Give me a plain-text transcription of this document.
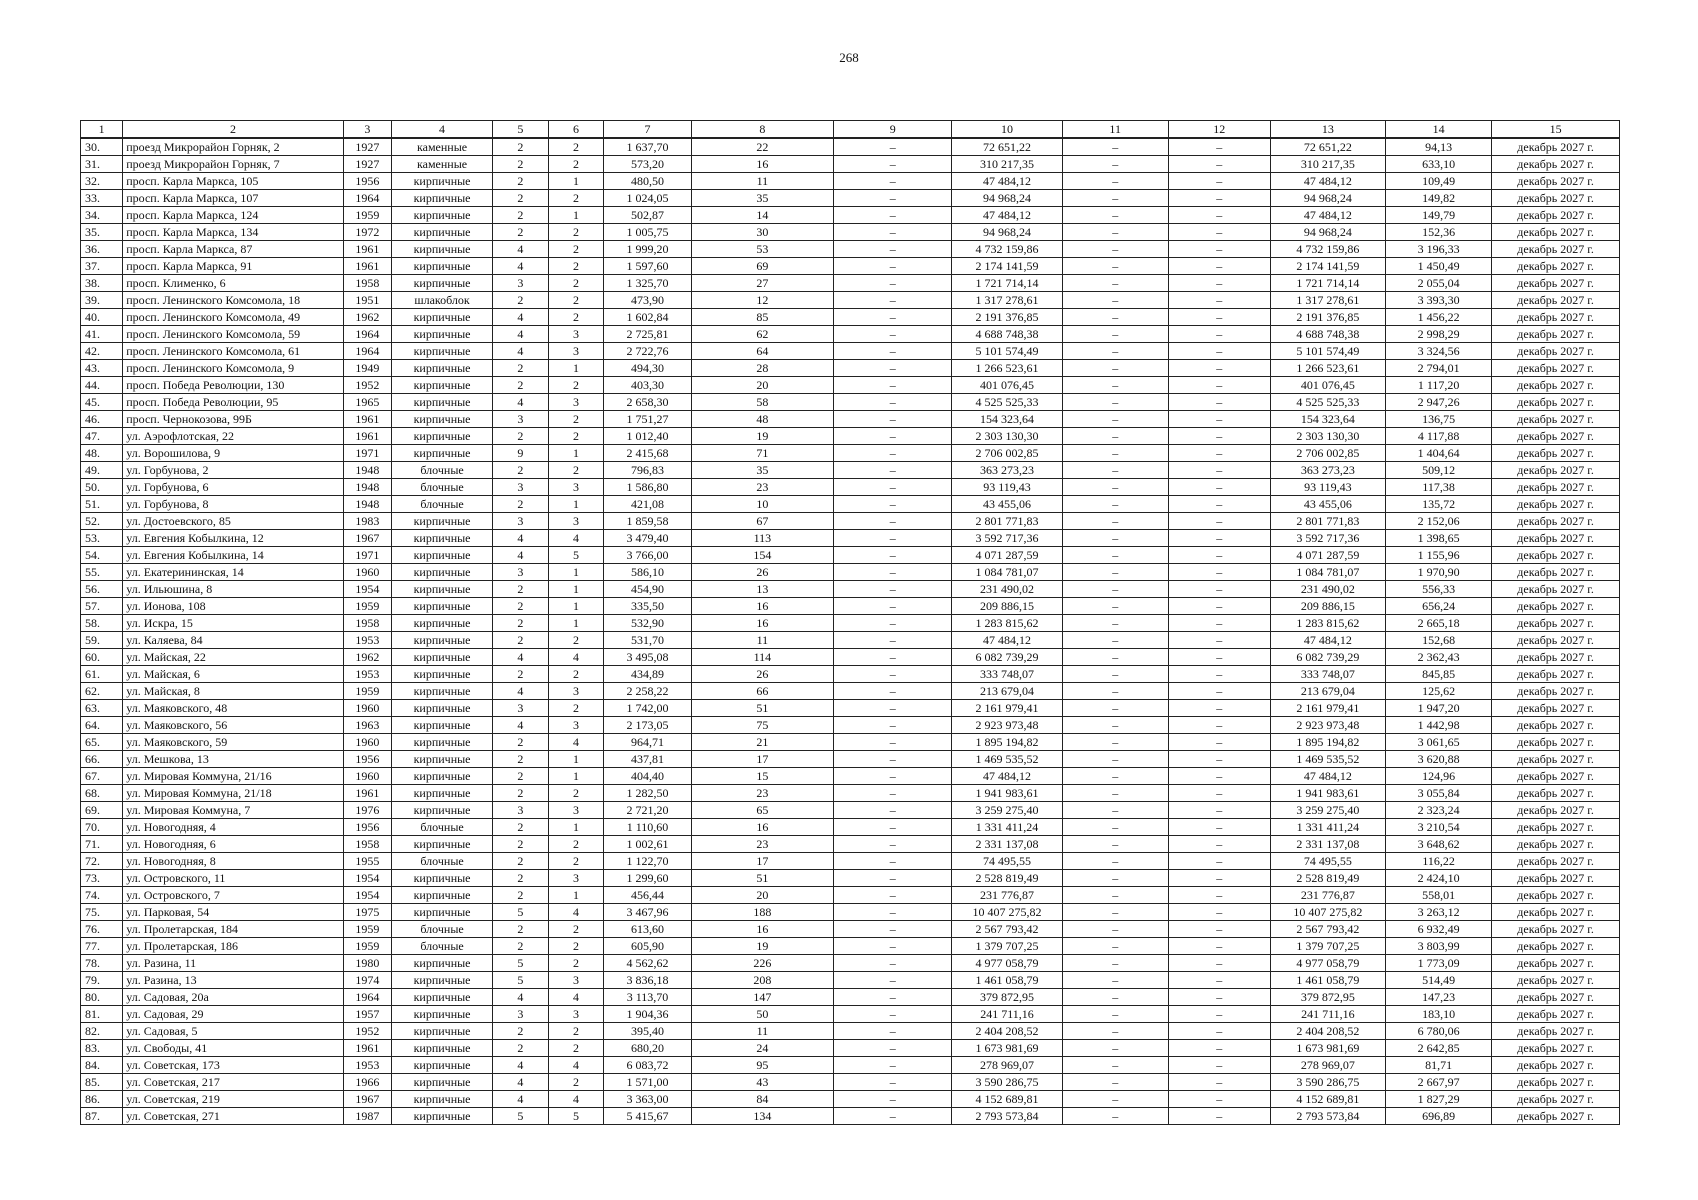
268
1	2	3	4	5	6	7	8	9	10	11	12	13	14	15
30.	проезд Микрорайон Горняк, 2	1927	каменные	2	2	1 637,70	22	–	72 651,22	–	–	72 651,22	94,13	декабрь 2027 г.
31.	проезд Микрорайон Горняк, 7	1927	каменные	2	2	573,20	16	–	310 217,35	–	–	310 217,35	633,10	декабрь 2027 г.
32.	просп. Карла Маркса, 105	1956	кирпичные	2	1	480,50	11	–	47 484,12	–	–	47 484,12	109,49	декабрь 2027 г.
33.	просп. Карла Маркса, 107	1964	кирпичные	2	2	1 024,05	35	–	94 968,24	–	–	94 968,24	149,82	декабрь 2027 г.
34.	просп. Карла Маркса, 124	1959	кирпичные	2	1	502,87	14	–	47 484,12	–	–	47 484,12	149,79	декабрь 2027 г.
35.	просп. Карла Маркса, 134	1972	кирпичные	2	2	1 005,75	30	–	94 968,24	–	–	94 968,24	152,36	декабрь 2027 г.
36.	просп. Карла Маркса, 87	1961	кирпичные	4	2	1 999,20	53	–	4 732 159,86	–	–	4 732 159,86	3 196,33	декабрь 2027 г.
37.	просп. Карла Маркса, 91	1961	кирпичные	4	2	1 597,60	69	–	2 174 141,59	–	–	2 174 141,59	1 450,49	декабрь 2027 г.
38.	просп. Клименко, 6	1958	кирпичные	3	2	1 325,70	27	–	1 721 714,14	–	–	1 721 714,14	2 055,04	декабрь 2027 г.
39.	просп. Ленинского Комсомола, 18	1951	шлакоблок	2	2	473,90	12	–	1 317 278,61	–	–	1 317 278,61	3 393,30	декабрь 2027 г.
40.	просп. Ленинского Комсомола, 49	1962	кирпичные	4	2	1 602,84	85	–	2 191 376,85	–	–	2 191 376,85	1 456,22	декабрь 2027 г.
41.	просп. Ленинского Комсомола, 59	1964	кирпичные	4	3	2 725,81	62	–	4 688 748,38	–	–	4 688 748,38	2 998,29	декабрь 2027 г.
42.	просп. Ленинского Комсомола, 61	1964	кирпичные	4	3	2 722,76	64	–	5 101 574,49	–	–	5 101 574,49	3 324,56	декабрь 2027 г.
43.	просп. Ленинского Комсомола, 9	1949	кирпичные	2	1	494,30	28	–	1 266 523,61	–	–	1 266 523,61	2 794,01	декабрь 2027 г.
44.	просп. Победа Революции, 130	1952	кирпичные	2	2	403,30	20	–	401 076,45	–	–	401 076,45	1 117,20	декабрь 2027 г.
45.	просп. Победа Революции, 95	1965	кирпичные	4	3	2 658,30	58	–	4 525 525,33	–	–	4 525 525,33	2 947,26	декабрь 2027 г.
46.	просп. Чернокозова, 99Б	1961	кирпичные	3	2	1 751,27	48	–	154 323,64	–	–	154 323,64	136,75	декабрь 2027 г.
47.	ул. Аэрофлотская, 22	1961	кирпичные	2	2	1 012,40	19	–	2 303 130,30	–	–	2 303 130,30	4 117,88	декабрь 2027 г.
48.	ул. Ворошилова, 9	1971	кирпичные	9	1	2 415,68	71	–	2 706 002,85	–	–	2 706 002,85	1 404,64	декабрь 2027 г.
49.	ул. Горбунова, 2	1948	блочные	2	2	796,83	35	–	363 273,23	–	–	363 273,23	509,12	декабрь 2027 г.
50.	ул. Горбунова, 6	1948	блочные	3	3	1 586,80	23	–	93 119,43	–	–	93 119,43	117,38	декабрь 2027 г.
51.	ул. Горбунова, 8	1948	блочные	2	1	421,08	10	–	43 455,06	–	–	43 455,06	135,72	декабрь 2027 г.
52.	ул. Достоевского, 85	1983	кирпичные	3	3	1 859,58	67	–	2 801 771,83	–	–	2 801 771,83	2 152,06	декабрь 2027 г.
53.	ул. Евгения Кобылкина, 12	1967	кирпичные	4	4	3 479,40	113	–	3 592 717,36	–	–	3 592 717,36	1 398,65	декабрь 2027 г.
54.	ул. Евгения Кобылкина, 14	1971	кирпичные	4	5	3 766,00	154	–	4 071 287,59	–	–	4 071 287,59	1 155,96	декабрь 2027 г.
55.	ул. Екатерининская, 14	1960	кирпичные	3	1	586,10	26	–	1 084 781,07	–	–	1 084 781,07	1 970,90	декабрь 2027 г.
56.	ул. Ильюшина, 8	1954	кирпичные	2	1	454,90	13	–	231 490,02	–	–	231 490,02	556,33	декабрь 2027 г.
57.	ул. Ионова, 108	1959	кирпичные	2	1	335,50	16	–	209 886,15	–	–	209 886,15	656,24	декабрь 2027 г.
58.	ул. Искра, 15	1958	кирпичные	2	1	532,90	16	–	1 283 815,62	–	–	1 283 815,62	2 665,18	декабрь 2027 г.
59.	ул. Каляева, 84	1953	кирпичные	2	2	531,70	11	–	47 484,12	–	–	47 484,12	152,68	декабрь 2027 г.
60.	ул. Майская, 22	1962	кирпичные	4	4	3 495,08	114	–	6 082 739,29	–	–	6 082 739,29	2 362,43	декабрь 2027 г.
61.	ул. Майская, 6	1953	кирпичные	2	2	434,89	26	–	333 748,07	–	–	333 748,07	845,85	декабрь 2027 г.
62.	ул. Майская, 8	1959	кирпичные	4	3	2 258,22	66	–	213 679,04	–	–	213 679,04	125,62	декабрь 2027 г.
63.	ул. Маяковского, 48	1960	кирпичные	3	2	1 742,00	51	–	2 161 979,41	–	–	2 161 979,41	1 947,20	декабрь 2027 г.
64.	ул. Маяковского, 56	1963	кирпичные	4	3	2 173,05	75	–	2 923 973,48	–	–	2 923 973,48	1 442,98	декабрь 2027 г.
65.	ул. Маяковского, 59	1960	кирпичные	2	4	964,71	21	–	1 895 194,82	–	–	1 895 194,82	3 061,65	декабрь 2027 г.
66.	ул. Мешкова, 13	1956	кирпичные	2	1	437,81	17	–	1 469 535,52	–	–	1 469 535,52	3 620,88	декабрь 2027 г.
67.	ул. Мировая Коммуна, 21/16	1960	кирпичные	2	1	404,40	15	–	47 484,12	–	–	47 484,12	124,96	декабрь 2027 г.
68.	ул. Мировая Коммуна, 21/18	1961	кирпичные	2	2	1 282,50	23	–	1 941 983,61	–	–	1 941 983,61	3 055,84	декабрь 2027 г.
69.	ул. Мировая Коммуна, 7	1976	кирпичные	3	3	2 721,20	65	–	3 259 275,40	–	–	3 259 275,40	2 323,24	декабрь 2027 г.
70.	ул. Новогодняя, 4	1956	блочные	2	1	1 110,60	16	–	1 331 411,24	–	–	1 331 411,24	3 210,54	декабрь 2027 г.
71.	ул. Новогодняя, 6	1958	кирпичные	2	2	1 002,61	23	–	2 331 137,08	–	–	2 331 137,08	3 648,62	декабрь 2027 г.
72.	ул. Новогодняя, 8	1955	блочные	2	2	1 122,70	17	–	74 495,55	–	–	74 495,55	116,22	декабрь 2027 г.
73.	ул. Островского, 11	1954	кирпичные	2	3	1 299,60	51	–	2 528 819,49	–	–	2 528 819,49	2 424,10	декабрь 2027 г.
74.	ул. Островского, 7	1954	кирпичные	2	1	456,44	20	–	231 776,87	–	–	231 776,87	558,01	декабрь 2027 г.
75.	ул. Парковая, 54	1975	кирпичные	5	4	3 467,96	188	–	10 407 275,82	–	–	10 407 275,82	3 263,12	декабрь 2027 г.
76.	ул. Пролетарская, 184	1959	блочные	2	2	613,60	16	–	2 567 793,42	–	–	2 567 793,42	6 932,49	декабрь 2027 г.
77.	ул. Пролетарская, 186	1959	блочные	2	2	605,90	19	–	1 379 707,25	–	–	1 379 707,25	3 803,99	декабрь 2027 г.
78.	ул. Разина, 11	1980	кирпичные	5	2	4 562,62	226	–	4 977 058,79	–	–	4 977 058,79	1 773,09	декабрь 2027 г.
79.	ул. Разина, 13	1974	кирпичные	5	3	3 836,18	208	–	1 461 058,79	–	–	1 461 058,79	514,49	декабрь 2027 г.
80.	ул. Садовая, 20а	1964	кирпичные	4	4	3 113,70	147	–	379 872,95	–	–	379 872,95	147,23	декабрь 2027 г.
81.	ул. Садовая, 29	1957	кирпичные	3	3	1 904,36	50	–	241 711,16	–	–	241 711,16	183,10	декабрь 2027 г.
82.	ул. Садовая, 5	1952	кирпичные	2	2	395,40	11	–	2 404 208,52	–	–	2 404 208,52	6 780,06	декабрь 2027 г.
83.	ул. Свободы, 41	1961	кирпичные	2	2	680,20	24	–	1 673 981,69	–	–	1 673 981,69	2 642,85	декабрь 2027 г.
84.	ул. Советская, 173	1953	кирпичные	4	4	6 083,72	95	–	278 969,07	–	–	278 969,07	81,71	декабрь 2027 г.
85.	ул. Советская, 217	1966	кирпичные	4	2	1 571,00	43	–	3 590 286,75	–	–	3 590 286,75	2 667,97	декабрь 2027 г.
86.	ул. Советская, 219	1967	кирпичные	4	4	3 363,00	84	–	4 152 689,81	–	–	4 152 689,81	1 827,29	декабрь 2027 г.
87.	ул. Советская, 271	1987	кирпичные	5	5	5 415,67	134	–	2 793 573,84	–	–	2 793 573,84	696,89	декабрь 2027 г.
